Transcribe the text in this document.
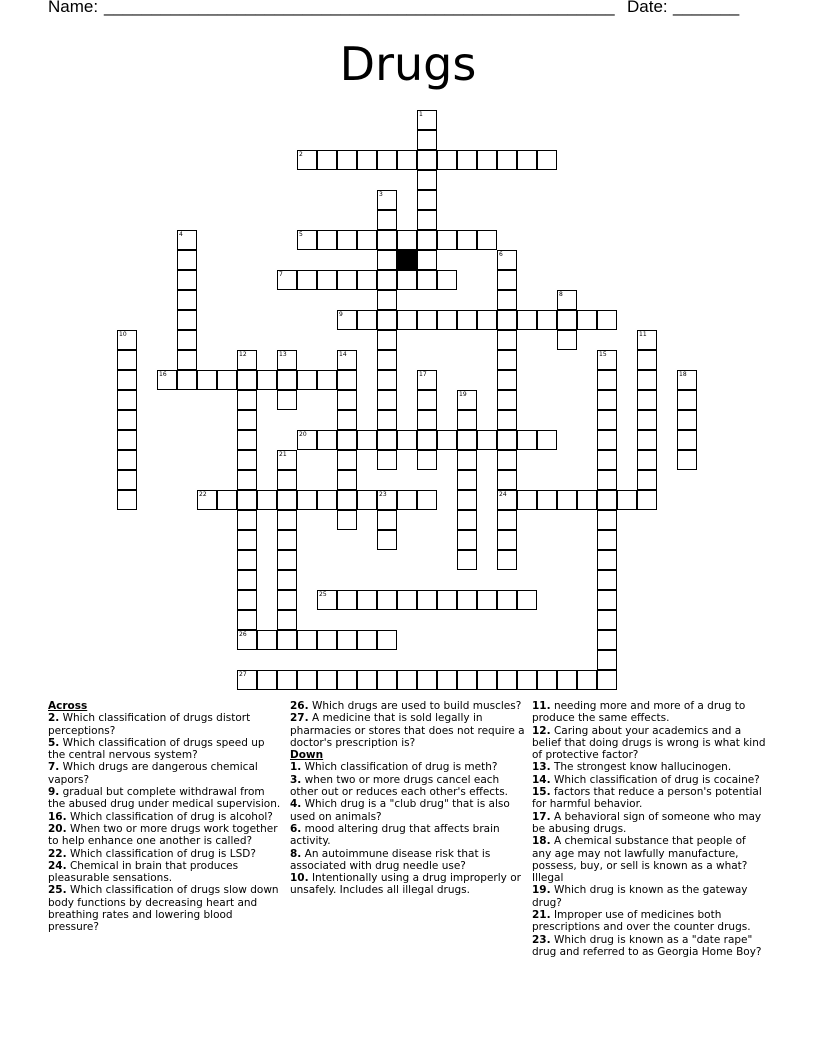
Name: ______________________________________________________ Date: _______
Drugs
1
2
3
4	5
6
24
7
8
9
10	11
12
26
13	14	15
16	17	18
19
20
21
22	23
25
27
Across
2. Which classification of drugs distort perceptions?
5. Which classification of drugs speed up the central nervous system?
7. Which drugs are dangerous chemical vapors?
9. gradual but complete withdrawal from the abused drug under medical supervision.
16. Which classification of drug is alcohol?
20. When two or more drugs work together to help enhance one another is called?
22. Which classification of drug is LSD?
24. Chemical in brain that produces pleasurable sensations.
25. Which classification of drugs slow down body functions by decreasing heart and breathing rates and lowering blood pressure?
26. Which drugs are used to build muscles?
27. A medicine that is sold legally in pharmacies or stores that does not require a doctor's prescription is?
Down
1. Which classification of drug is meth?
3. when two or more drugs cancel each other out or reduces each other's effects.
4. Which drug is a "club drug" that is also used on animals?
6. mood altering drug that affects brain activity.
8. An autoimmune disease risk that is associated with drug needle use?
10. Intentionally using a drug improperly or unsafely. Includes all illegal drugs.
11. needing more and more of a drug to produce the same effects.
12. Caring about your academics and a belief that doing drugs is wrong is what kind of protective factor?
13. The strongest know hallucinogen.
14. Which classification of drug is cocaine?
15. factors that reduce a person's potential for harmful behavior.
17. A behavioral sign of someone who may be abusing drugs.
18. A chemical substance that people of any age may not lawfully manufacture, possess, buy, or sell is known as a what? Illegal
19. Which drug is known as the gateway drug?
21. Improper use of medicines both prescriptions and over the counter drugs.
23. Which drug is known as a "date rape" drug and referred to as Georgia Home Boy?
